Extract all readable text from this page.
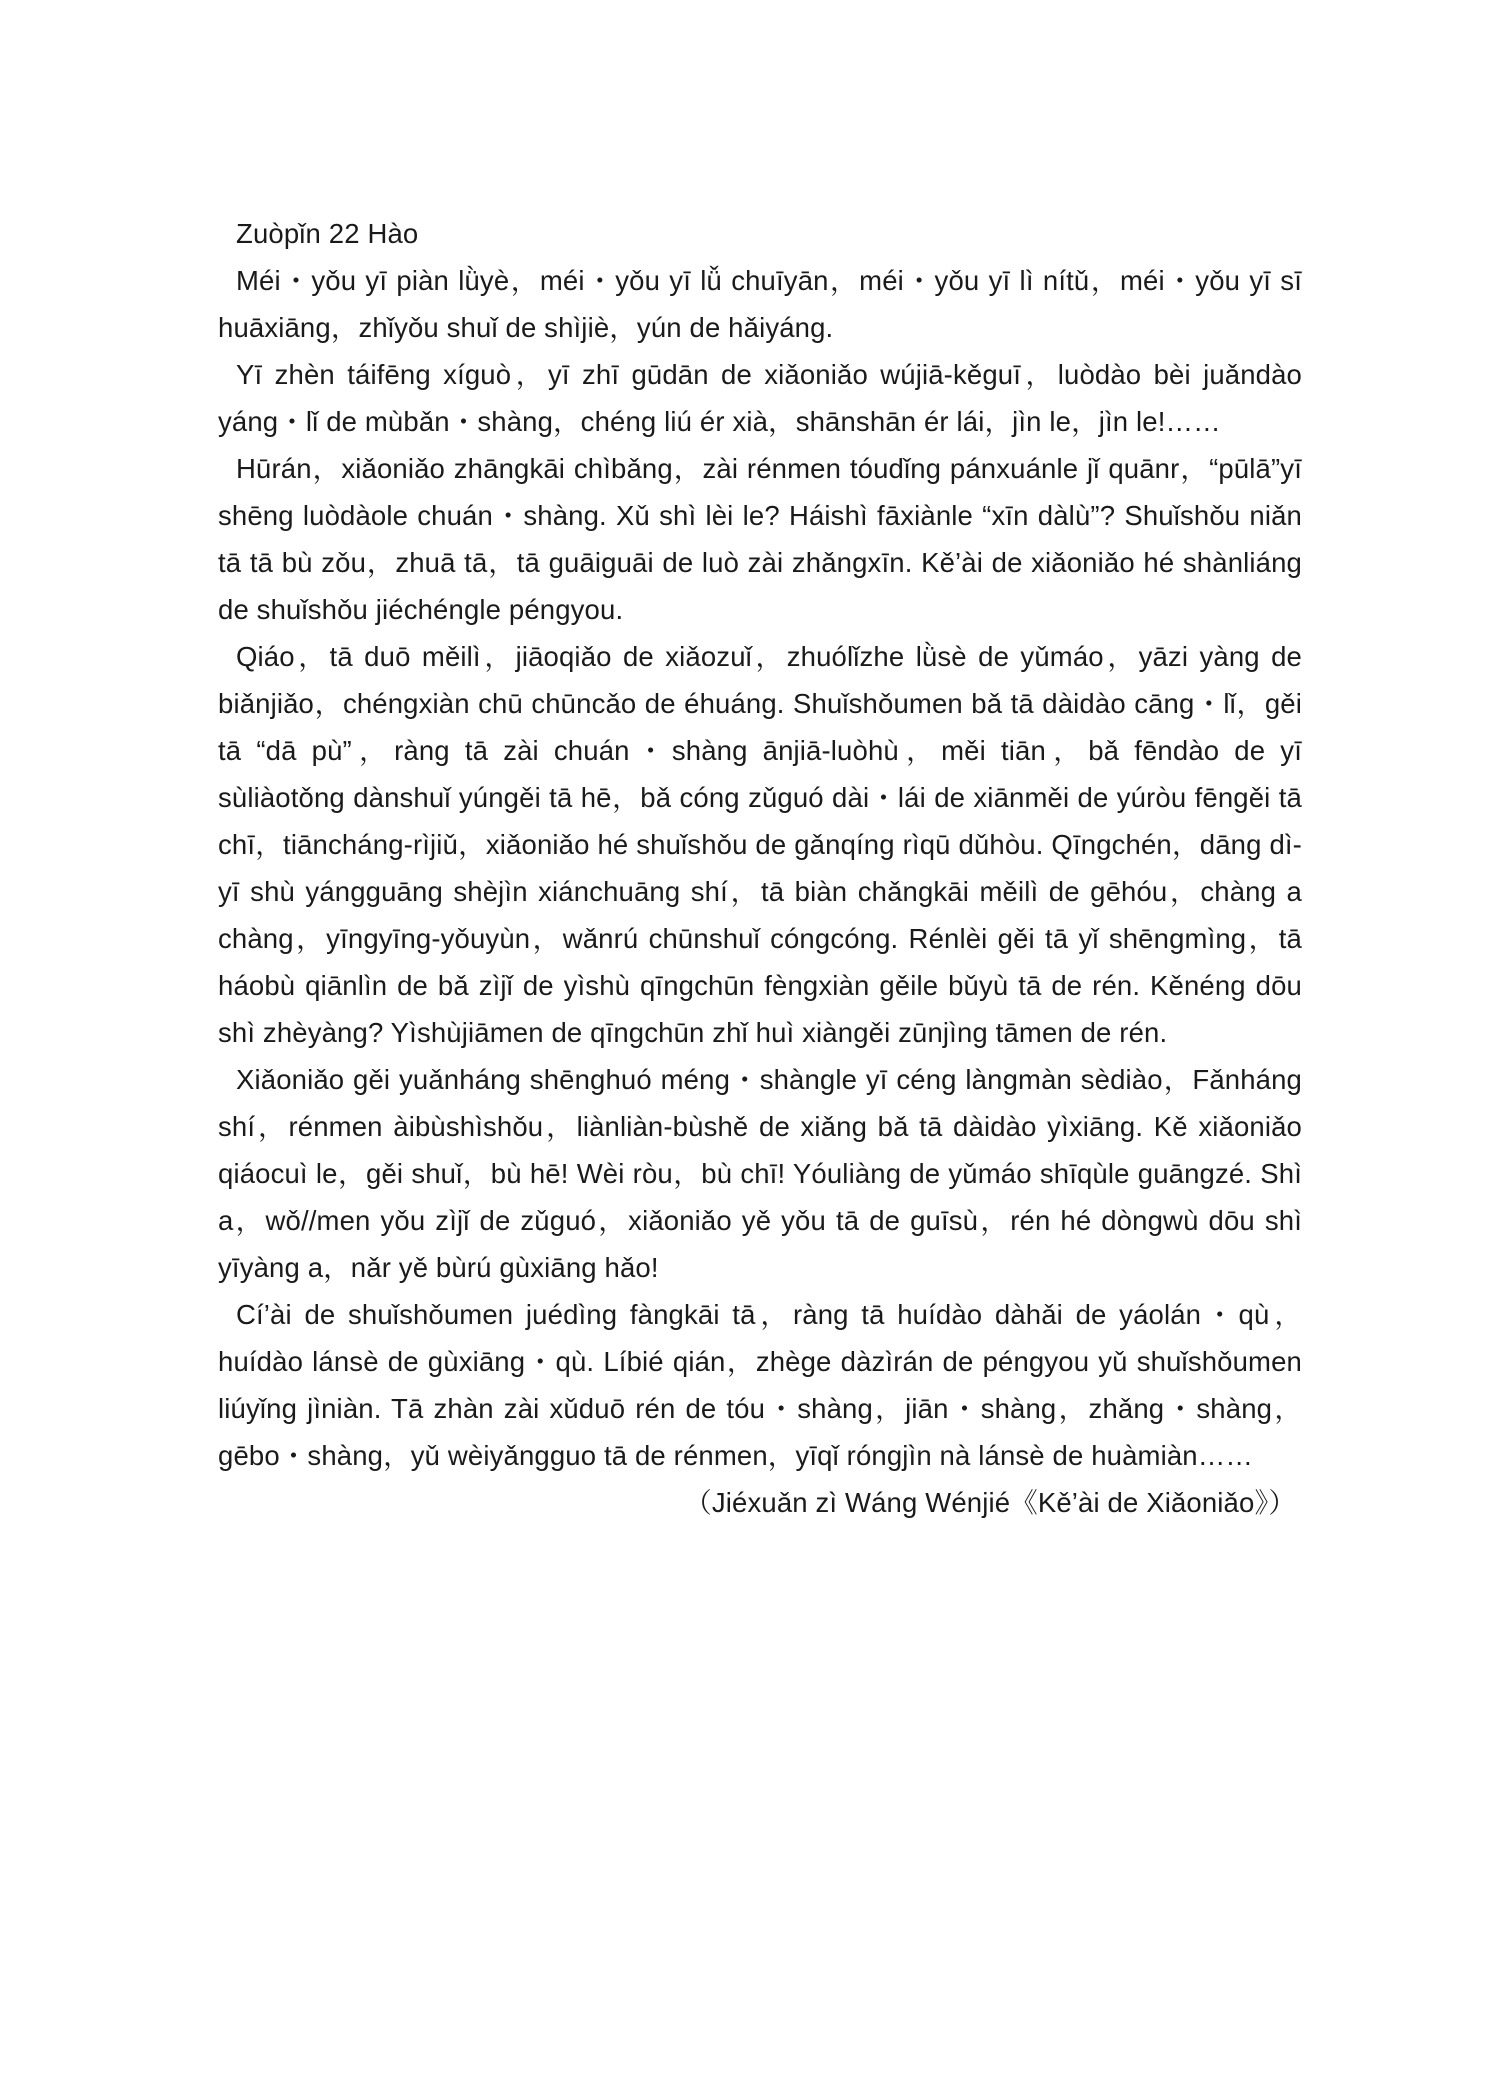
Zuòpǐn 22 Hào

Méi・yǒu yī piàn lǜyè，méi・yǒu yī lǚ chuīyān，méi・yǒu yī lì nítǔ，méi・yǒu yī sī huāxiāng，zhǐyǒu shuǐ de shìjiè，yún de hǎiyáng.

Yī zhèn táifēng xíguò，yī zhī gūdān de xiǎoniǎo wújiā-kěguī，luòdào bèi juǎndào yáng・lǐ de mùbǎn・shàng，chéng liú ér xià，shānshān ér lái，jìn le，jìn le!……

Hūrán，xiǎoniǎo zhāngkāi chìbǎng，zài rénmen tóudǐng pánxuánle jǐ quānr，“pūlā”yī shēng luòdàole chuán・shàng. Xǔ shì lèi le? Háishì fāxiànle “xīn dàlù”? Shuǐshǒu niǎn tā tā bù zǒu，zhuā tā，tā guāiguāi de luò zài zhǎngxīn. Kě’ài de xiǎoniǎo hé shànliáng de shuǐshǒu jiéchéngle péngyou.

Qiáo，tā duō měilì，jiāoqiǎo de xiǎozuǐ，zhuólǐzhe lǜsè de yǔmáo，yāzi yàng de biǎnjiǎo，chéngxiàn chū chūncǎo de éhuáng. Shuǐshǒumen bǎ tā dàidào cāng・lǐ，gěi tā “dā pù”，ràng tā zài chuán・shàng ānjiā-luòhù，měi tiān，bǎ fēndào de yī sùliàotǒng dànshuǐ yúngěi tā hē，bǎ cóng zǔguó dài・lái de xiānměi de yúròu fēngěi tā chī，tiāncháng-rìjiǔ，xiǎoniǎo hé shuǐshǒu de gǎnqíng rìqū dǔhòu. Qīngchén，dāng dì-yī shù yángguāng shèjìn xiánchuāng shí，tā biàn chǎngkāi měilì de gēhóu，chàng a chàng，yīngyīng-yǒuyùn，wǎnrú chūnshuǐ cóngcóng. Rénlèi gěi tā yǐ shēngmìng，tā háobù qiānlìn de bǎ zìjǐ de yìshù qīngchūn fèngxiàn gěile bǔyù tā de rén. Kěnéng dōu shì zhèyàng? Yìshùjiāmen de qīngchūn zhǐ huì xiàngěi zūnjìng tāmen de rén.

Xiǎoniǎo gěi yuǎnháng shēnghuó méng・shàngle yī céng làngmàn sèdiào，Fǎnháng shí，rénmen àibùshìshǒu，liànliàn-bùshě de xiǎng bǎ tā dàidào yìxiāng. Kě xiǎoniǎo qiáocuì le，gěi shuǐ，bù hē! Wèi ròu，bù chī! Yóuliàng de yǔmáo shīqùle guāngzé. Shì a，wǒ//men yǒu zìjǐ de zǔguó，xiǎoniǎo yě yǒu tā de guīsù，rén hé dòngwù dōu shì yīyàng a，nǎr yě bùrú gùxiāng hǎo!

Cí’ài de shuǐshǒumen juédìng fàngkāi tā，ràng tā huídào dàhǎi de yáolán・qù，huídào lánsè de gùxiāng・qù. Líbié qián，zhège dàzìrán de péngyou yǔ shuǐshǒumen liúyǐng jìniàn. Tā zhàn zài xǔduō rén de tóu・shàng，jiān・shàng，zhǎng・shàng，gēbo・shàng，yǔ wèiyǎngguo tā de rénmen，yīqǐ róngjìn nà lánsè de huàmiàn……

（Jiéxuǎn zì Wáng Wénjié《Kě’ài de Xiǎoniǎo》）
